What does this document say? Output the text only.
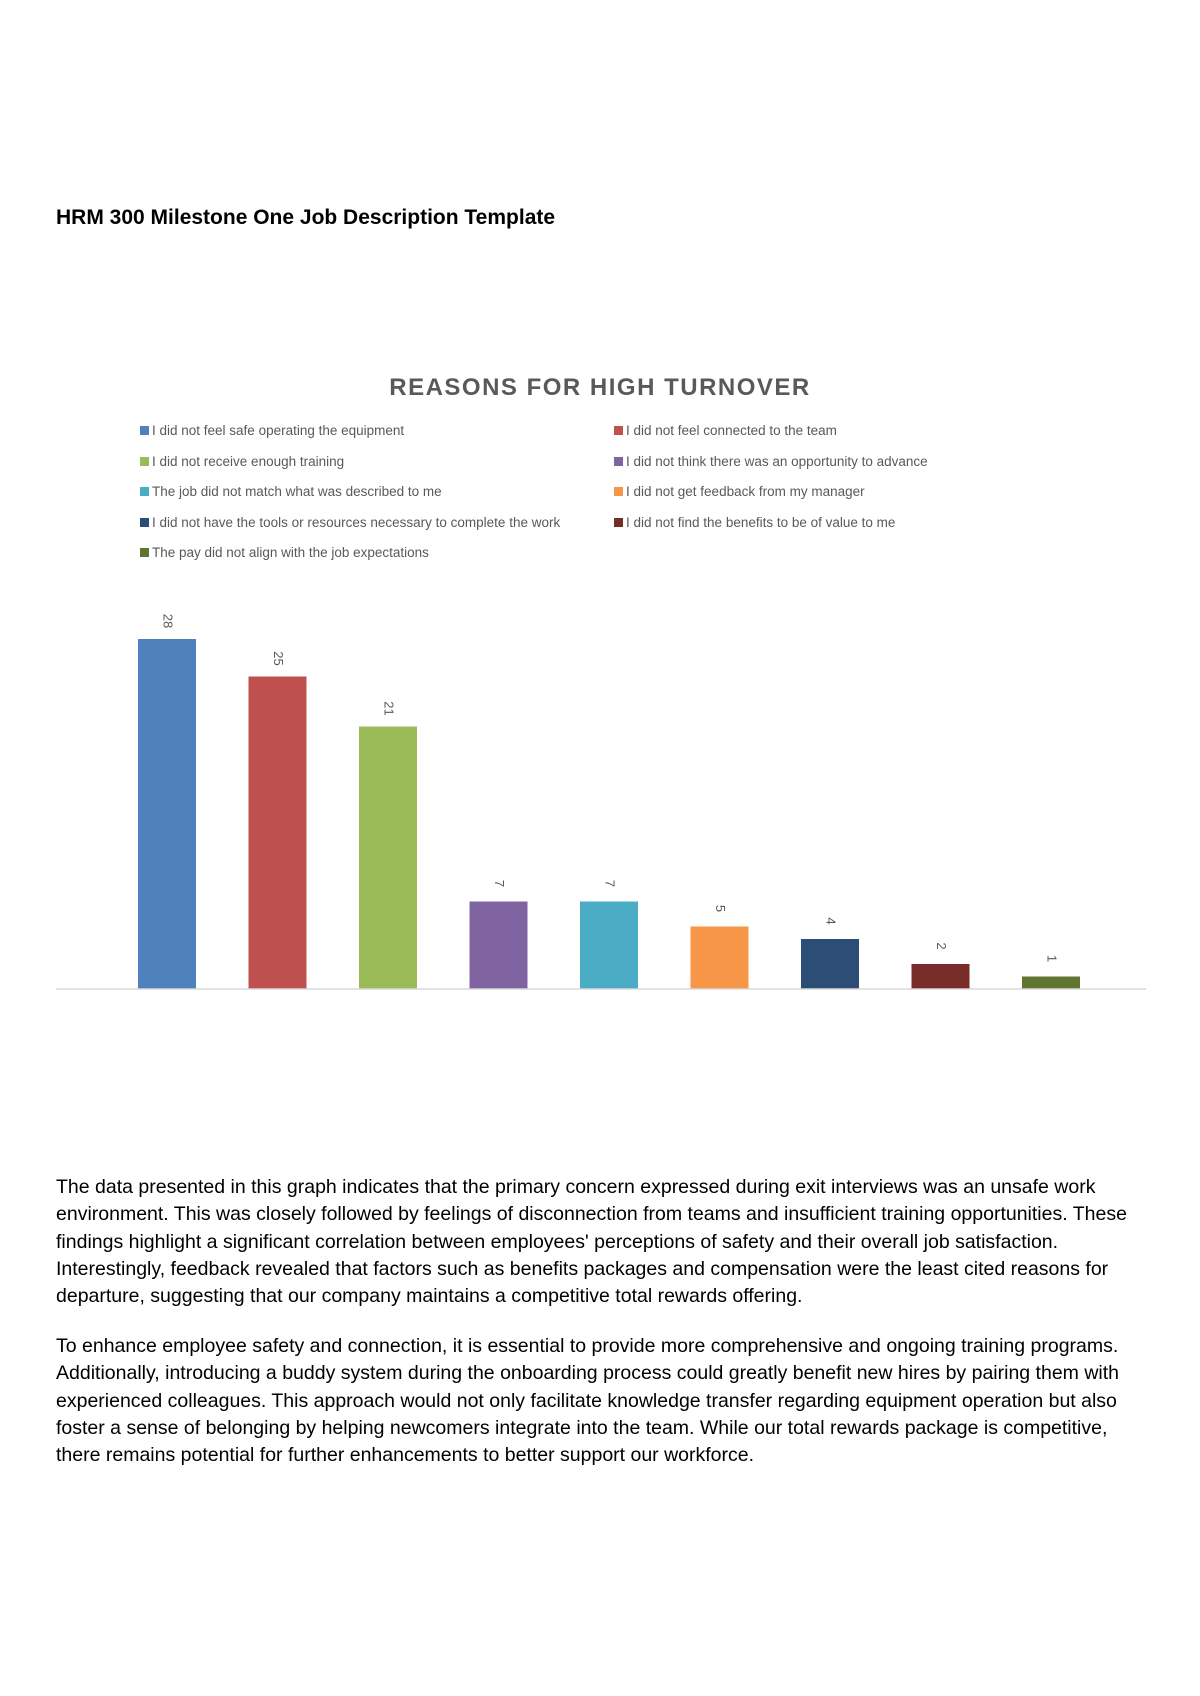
HRM 300 Milestone One Job Description Template
REASONS FOR HIGH TURNOVER
I did not feel safe operating the equipment	I did not feel connected to the team
I did not receive enough training	I did not think there was an opportunity to advance
The job did not match what was described to me	I did not get feedback from my manager
I did not have the tools or resources necessary to complete the work	I did not find the benefits to be of value to me
The pay did not align with the job expectations
28
25
21
7	7
5
4
2
1

The data presented in this graph indicates that the primary concern expressed during exit interviews was an unsafe work environment. This was closely followed by feelings of disconnection from teams and insufficient training opportunities. These findings highlight a significant correlation between employees' perceptions of safety and their overall job satisfaction. Interestingly, feedback revealed that factors such as benefits packages and compensation were the least cited reasons for departure, suggesting that our company maintains a competitive total rewards offering.

To enhance employee safety and connection, it is essential to provide more comprehensive and ongoing training programs. Additionally, introducing a buddy system during the onboarding process could greatly benefit new hires by pairing them with experienced colleagues. This approach would not only facilitate knowledge transfer regarding equipment operation but also foster a sense of belonging by helping newcomers integrate into the team. While our total rewards package is competitive, there remains potential for further enhancements to better support our workforce.
